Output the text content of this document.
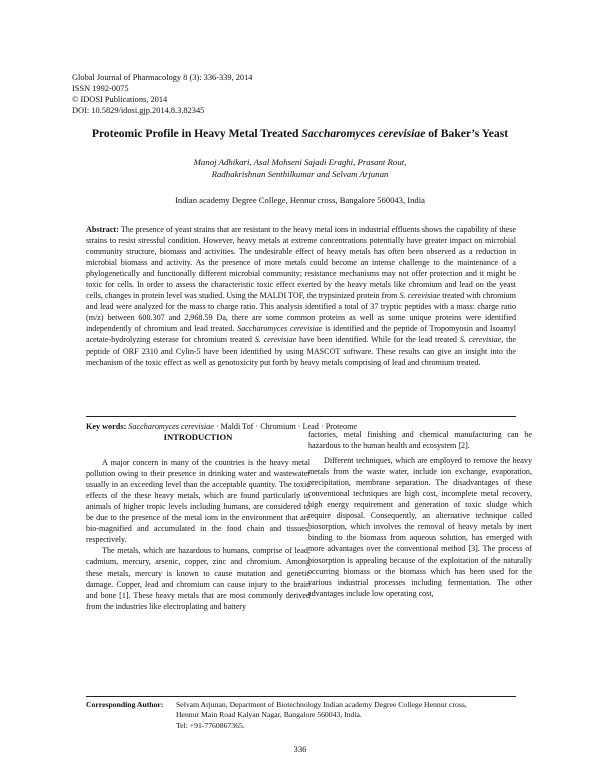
Global Journal of Pharmacology 8 (3): 336-339, 2014
ISSN 1992-0075
© IDOSI Publications, 2014
DOI: 10.5829/idosi.gjp.2014.8.3.82345
Proteomic Profile in Heavy Metal Treated Saccharomyces cerevisiae of Baker’s Yeast
Manoj Adhikari, Asal Mohseni Sajadi Eraghi, Prasant Rout,
Radhakrishnan Senthilkumar and Selvam Arjunan
Indian academy Degree College, Hennur cross, Bangalore 560043, India

Abstract: The presence of yeast strains that are resistant to the heavy metal ions in industrial effluents shows the capability of these strains to resist stressful condition. However, heavy metals at extreme concentrations potentially have greater impact on microbial community structure, biomass and activities. The undesirable effect of heavy metals has often been observed as a reduction in microbial biomass and activity. As the presence of more metals could become an intense challenge to the maintenance of a phylogenetically and functionally different microbial community; resistance mechanisms may not offer protection and it might be toxic for cells. In order to assess the characteristic toxic effect exerted by the heavy metals like chromium and lead on the yeast cells, changes in protein level was studied. Using the MALDI TOF, the trypsinized protein from S. cerevisiae treated with chromium and lead were analyzed for the mass to charge ratio. This analysis identified a total of 37 tryptic peptides with a mass: charge ratio (m/z) between 600.307 and 2,968.59 Da, there are some common proteins as well as some unique proteins were identified independently of chromium and lead treated. Saccharomyces cerevisiae is identified and the peptide of Tropomyosin and Isoamyl acetate-hydrolyzing esterase for chromium treated S. cerevisiae have been identified. While for the lead treated S. cerevisiae, the peptide of ORF 2310 and Cylin-5 have been identified by using MASCOT software. These results can give an insight into the mechanism of the toxic effect as well as genotoxicity put forth by heavy metals comprising of lead and chromium treated.

Key words: Saccharomyces cerevisiae · Maldi Tof · Chromium · Lead · Proteome

INTRODUCTION

A major concern in many of the countries is the heavy metal pollution owing to their presence in drinking water and wastewater usually in an exceeding level than the acceptable quantity. The toxic effects of the these heavy metals, which are found particularly in animals of higher tropic levels including humans, are considered to be due to the presence of the metal ions in the environment that are bio-magnified and accumulated in the food chain and tissues, respectively.

The metals, which are hazardous to humans, comprise of lead, cadmium, mercury, arsenic, copper, zinc and chromium. Among these metals, mercury is known to cause mutation and genetic damage. Copper, lead and chromium can cause injury to the brain and bone [1]. These heavy metals that are most commonly derived from the industries like electroplating and battery

factories, metal finishing and chemical manufacturing can be hazardous to the human health and ecosystem [2].

Different techniques, which are employed to remove the heavy metals from the waste water, include ion exchange, evaporation, precipitation, membrane separation. The disadvantages of these conventional techniques are high cost, incomplete metal recovery, high energy requirement and generation of toxic sludge which require disposal. Consequently, an alternative technique called biosorption, which involves the removal of heavy metals by inert binding to the biomass from aqueous solution, has emerged with more advantages over the conventional method [3]. The process of biosorption is appealing because of the exploitation of the naturally occurring biomass or the biomass which has been used for the various industrial processes including fermentation. The other advantages include low operating cost,

Corresponding Author: Selvam Arjunan, Department of Biotechnology Indian academy Degree College Hennur cross,
Hennur Main Road Kalyan Nagar, Bangalore 560043, India.
Tel: +91-7760867365.
336
